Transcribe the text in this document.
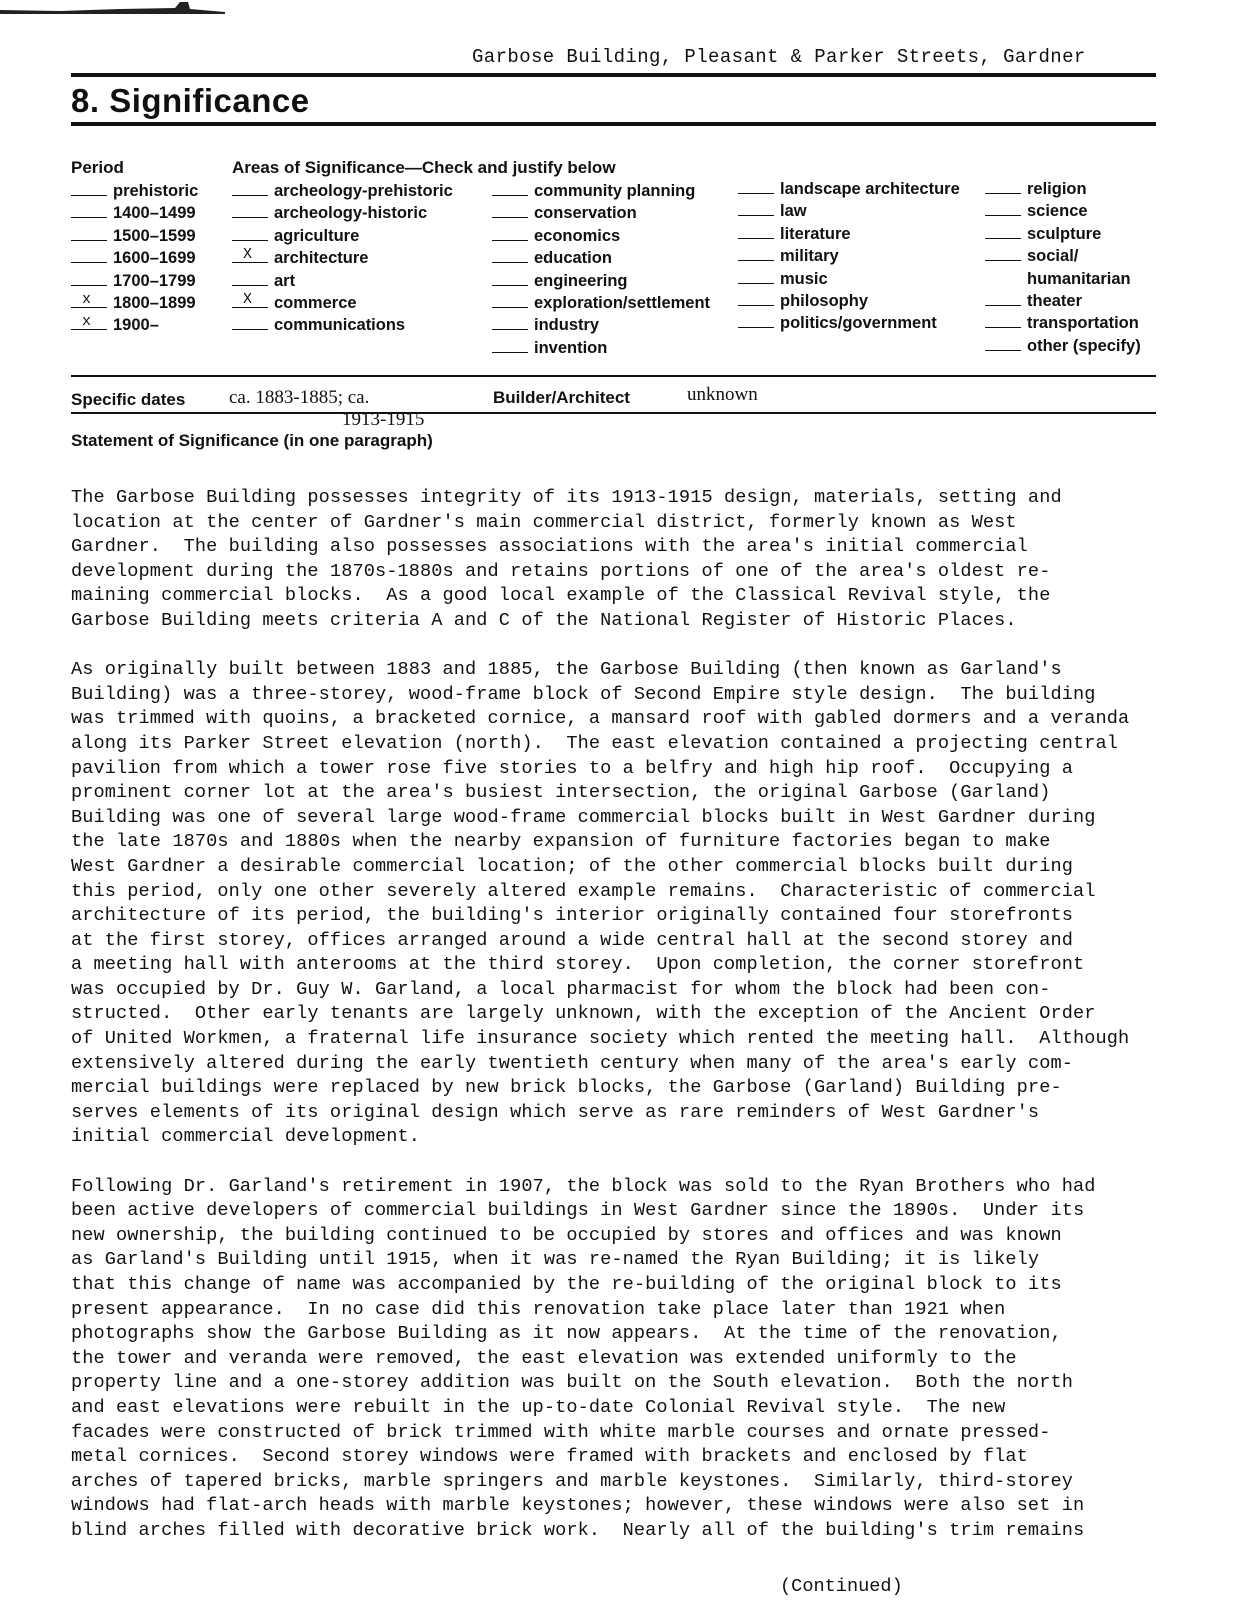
Garbose Building, Pleasant & Parker Streets, Gardner
8. Significance
Period
prehistoric
1400–1499
1500–1599
1600–1699
1700–1799
x 1800–1899
x 1900–
Areas of Significance—Check and justify below
archeology-prehistoric
archeology-historic
agriculture
X architecture
art
X commerce
communications
community planning
conservation
economics
education
engineering
exploration/settlement
industry
invention
landscape architecture
law
literature
military
music
philosophy
politics/government
religion
science
sculpture
social/
humanitarian
theater
transportation
other (specify)
Specific dates ca. 1883-1885; ca.	Builder/Architect	unknown
1913-1915
Statement of Significance (in one paragraph)

The Garbose Building possesses integrity of its 1913-1915 design, materials, setting and
location at the center of Gardner's main commercial district, formerly known as West
Gardner.  The building also possesses associations with the area's initial commercial
development during the 1870s-1880s and retains portions of one of the area's oldest re-
maining commercial blocks.  As a good local example of the Classical Revival style, the
Garbose Building meets criteria A and C of the National Register of Historic Places.

As originally built between 1883 and 1885, the Garbose Building (then known as Garland's
Building) was a three-storey, wood-frame block of Second Empire style design.  The building
was trimmed with quoins, a bracketed cornice, a mansard roof with gabled dormers and a veranda
along its Parker Street elevation (north).  The east elevation contained a projecting central
pavilion from which a tower rose five stories to a belfry and high hip roof.  Occupying a
prominent corner lot at the area's busiest intersection, the original Garbose (Garland)
Building was one of several large wood-frame commercial blocks built in West Gardner during
the late 1870s and 1880s when the nearby expansion of furniture factories began to make
West Gardner a desirable commercial location; of the other commercial blocks built during
this period, only one other severely altered example remains.  Characteristic of commercial
architecture of its period, the building's interior originally contained four storefronts
at the first storey, offices arranged around a wide central hall at the second storey and
a meeting hall with anterooms at the third storey.  Upon completion, the corner storefront
was occupied by Dr. Guy W. Garland, a local pharmacist for whom the block had been con-
structed.  Other early tenants are largely unknown, with the exception of the Ancient Order
of United Workmen, a fraternal life insurance society which rented the meeting hall.  Although
extensively altered during the early twentieth century when many of the area's early com-
mercial buildings were replaced by new brick blocks, the Garbose (Garland) Building pre-
serves elements of its original design which serve as rare reminders of West Gardner's
initial commercial development.

Following Dr. Garland's retirement in 1907, the block was sold to the Ryan Brothers who had
been active developers of commercial buildings in West Gardner since the 1890s.  Under its
new ownership, the building continued to be occupied by stores and offices and was known
as Garland's Building until 1915, when it was re-named the Ryan Building; it is likely
that this change of name was accompanied by the re-building of the original block to its
present appearance.  In no case did this renovation take place later than 1921 when
photographs show the Garbose Building as it now appears.  At the time of the renovation,
the tower and veranda were removed, the east elevation was extended uniformly to the
property line and a one-storey addition was built on the South elevation.  Both the north
and east elevations were rebuilt in the up-to-date Colonial Revival style.  The new
facades were constructed of brick trimmed with white marble courses and ornate pressed-
metal cornices.  Second storey windows were framed with brackets and enclosed by flat
arches of tapered bricks, marble springers and marble keystones.  Similarly, third-storey
windows had flat-arch heads with marble keystones; however, these windows were also set in
blind arches filled with decorative brick work.  Nearly all of the building's trim remains

(Continued)
